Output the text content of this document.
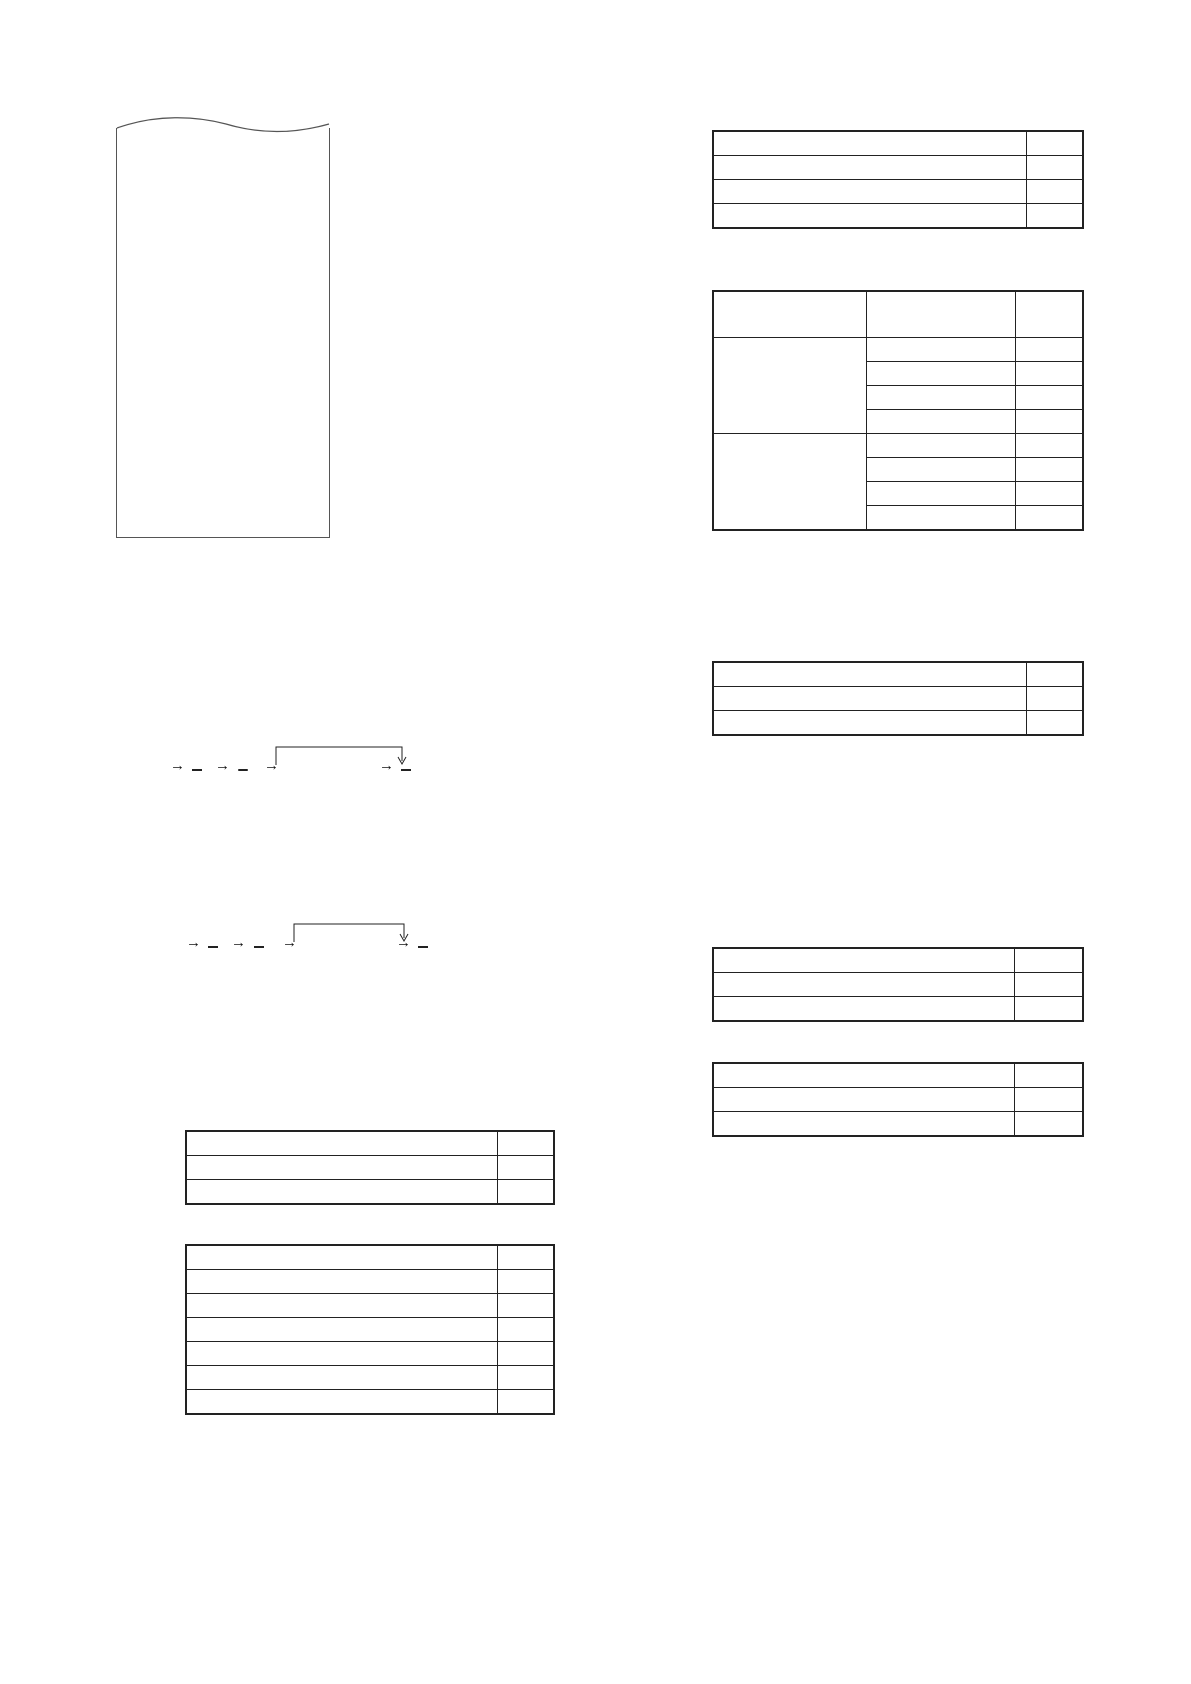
→ → →	→
→ → →	→
